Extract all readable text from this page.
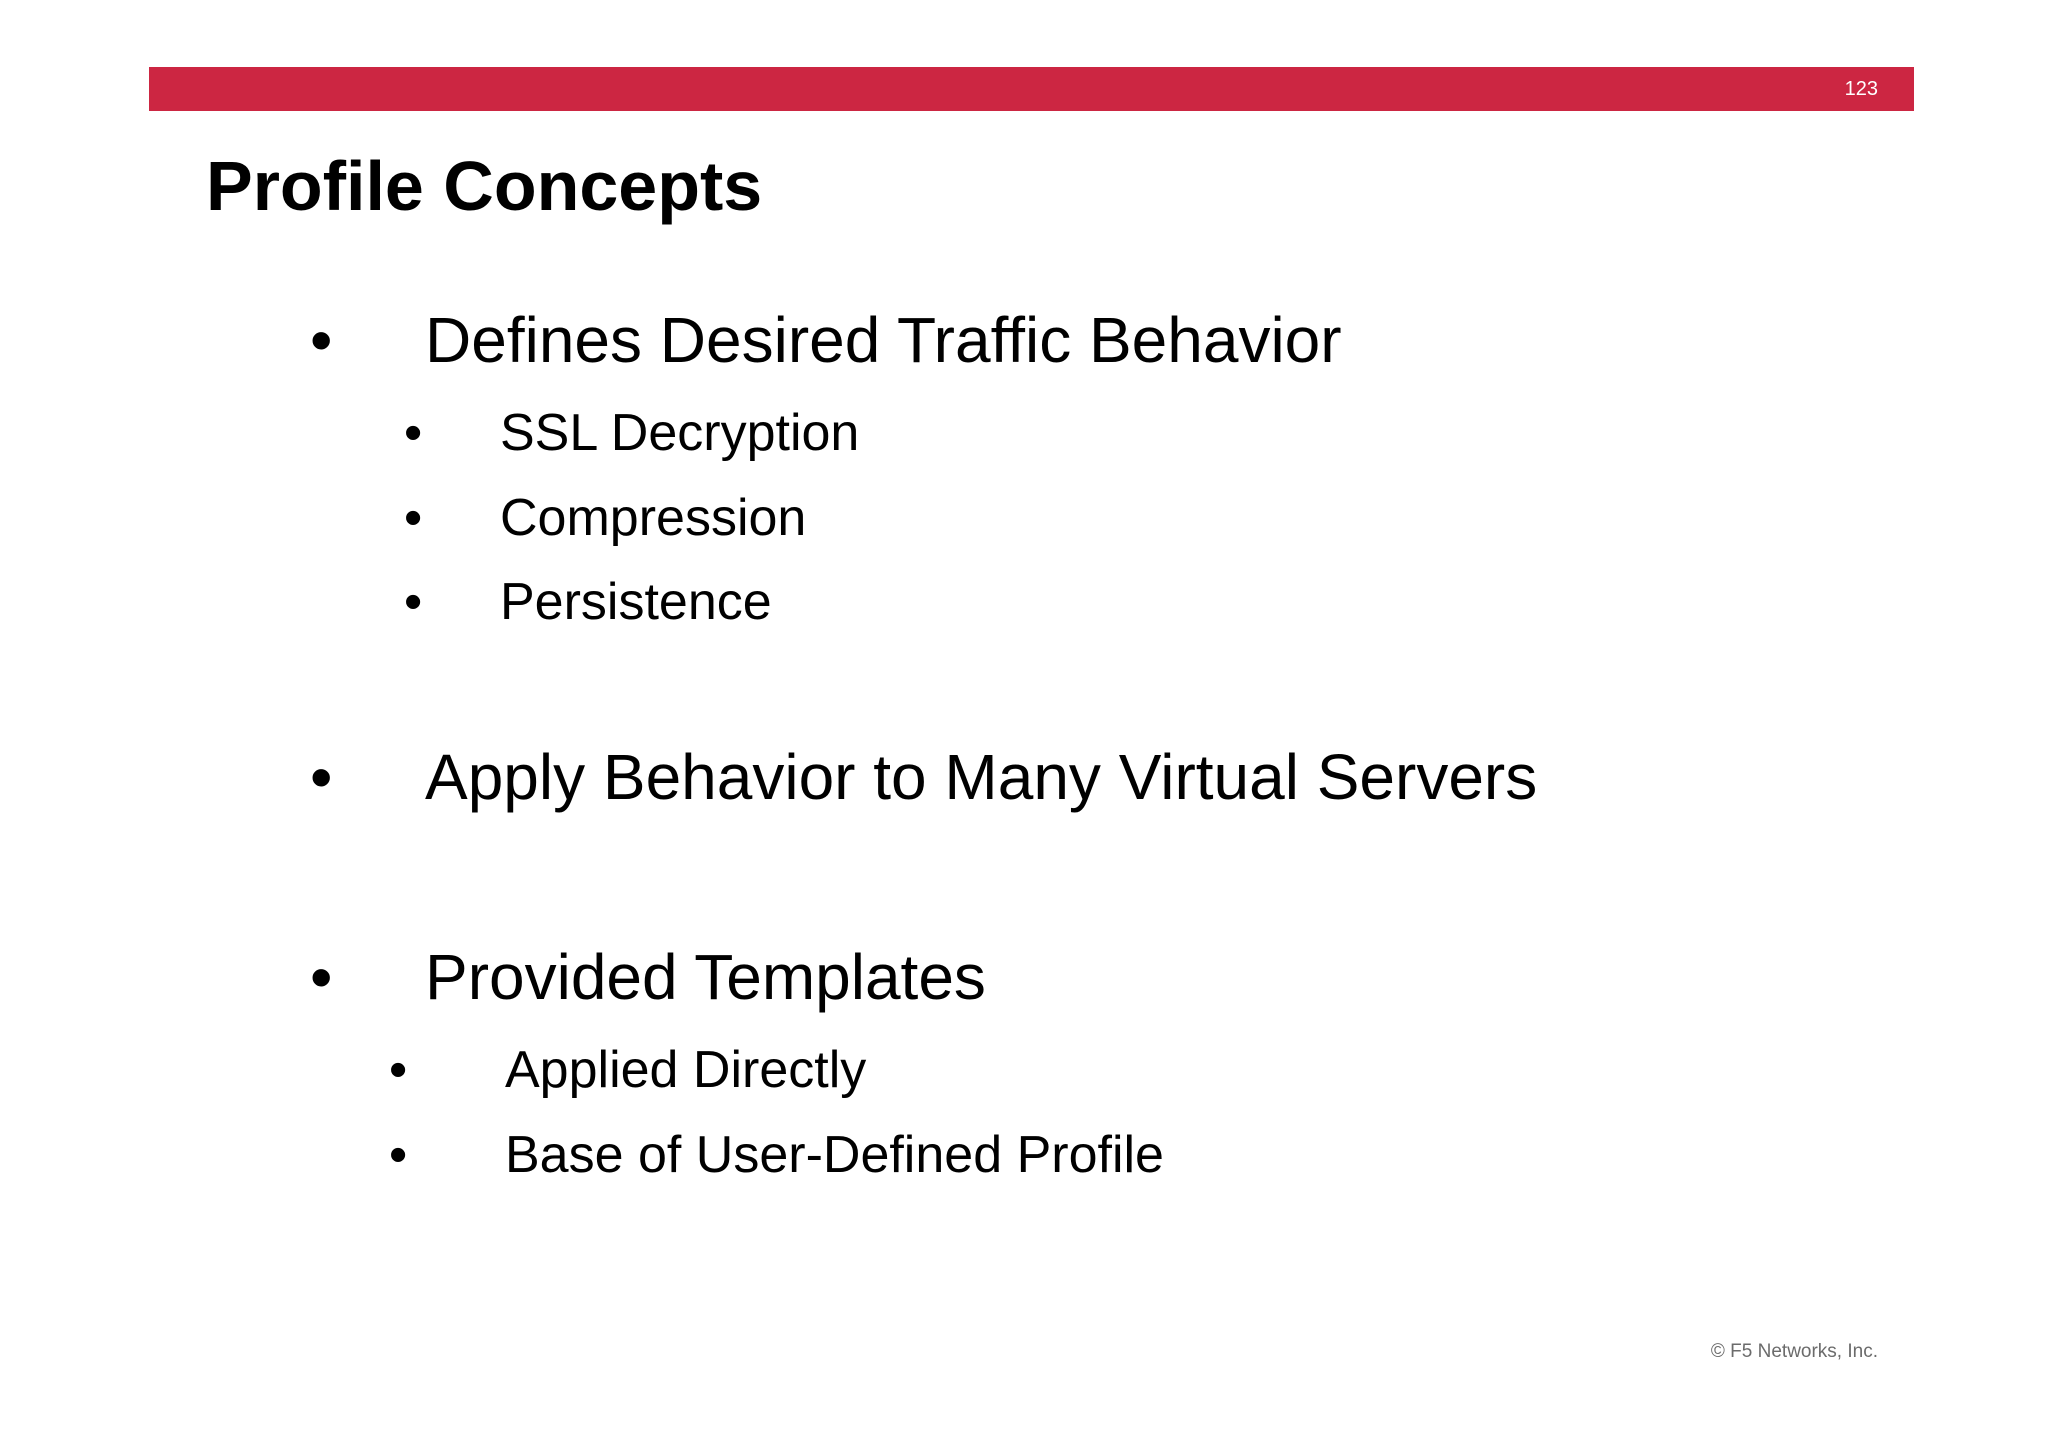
123
Profile Concepts
• Defines Desired Traffic Behavior
• SSL Decryption
• Compression
• Persistence
• Apply Behavior to Many Virtual Servers
• Provided Templates
• Applied Directly
• Base of User-Defined Profile
© F5 Networks, Inc.
